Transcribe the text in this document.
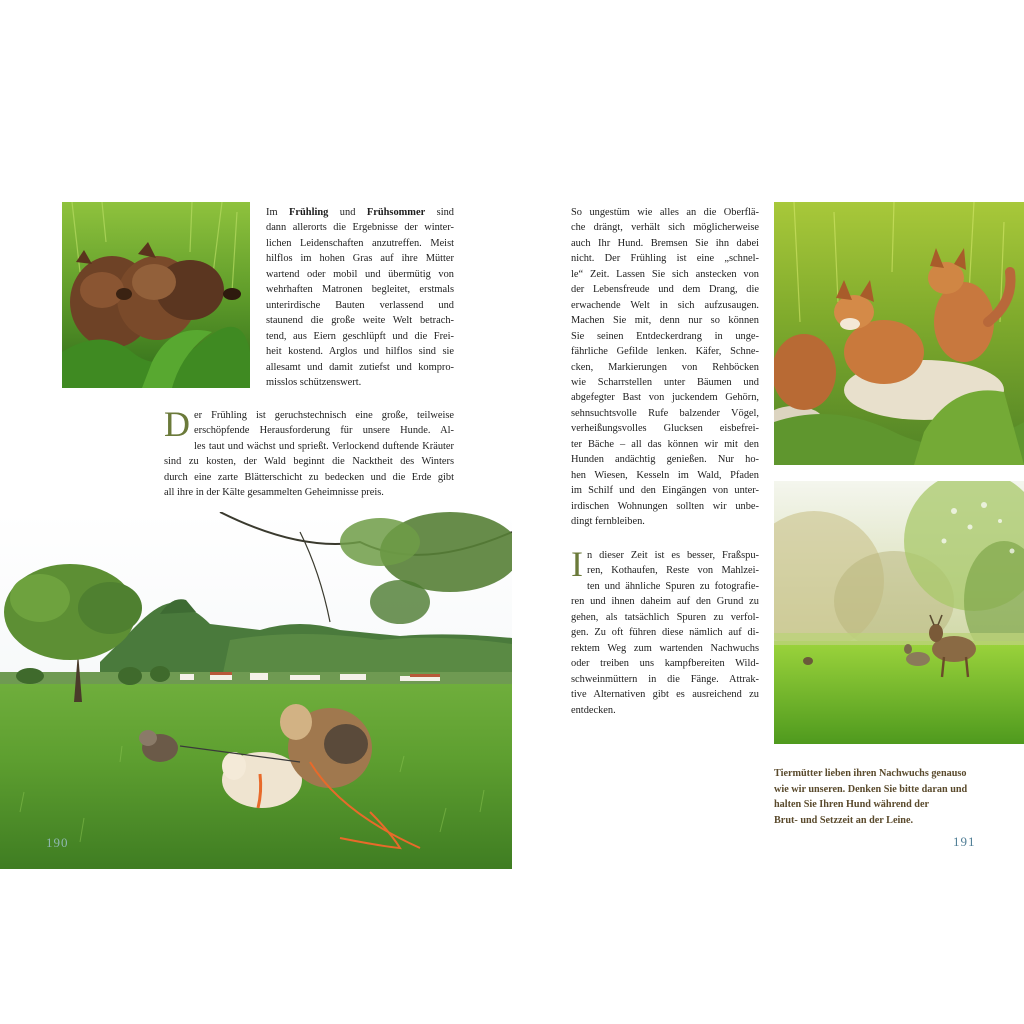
Im Frühling und Frühsommer sind
dann allerorts die Ergebnisse der winter-
lichen Leidenschaften anzutreffen. Meist
hilflos im hohen Gras auf ihre Mütter
wartend oder mobil und übermütig von
wehrhaften Matronen begleitet, erstmals
unterirdische Bauten verlassend und
staunend die große weite Welt betrach-
tend, aus Eiern geschlüpft und die Frei-
heit kostend. Arglos und hilflos sind sie
allesamt und damit zutiefst und kompro-
misslos schützenswert.
D er Frühling ist geruchstechnisch eine große, teilweise
erschöpfende Herausforderung für unsere Hunde. Al-
les taut und wächst und sprießt. Verlockend duftende Kräuter
sind zu kosten, der Wald beginnt die Nacktheit des Winters
durch eine zarte Blätterschicht zu bedecken und die Erde gibt
all ihre in der Kälte gesammelten Geheimnisse preis.
190
So ungestüm wie alles an die Oberflä-
che drängt, verhält sich möglicherweise
auch Ihr Hund. Bremsen Sie ihn dabei
nicht. Der Frühling ist eine „schnel-
le“ Zeit. Lassen Sie sich anstecken von
der Lebensfreude und dem Drang, die
erwachende Welt in sich aufzusaugen.
Machen Sie mit, denn nur so können
Sie seinen Entdeckerdrang in unge-
fährliche Gefilde lenken. Käfer, Schne-
cken, Markierungen von Rehböcken
wie Scharrstellen unter Bäumen und
abgefegter Bast von juckendem Gehörn,
sehnsuchtsvolle Rufe balzender Vögel,
verheißungsvolles Glucksen eisbefrei-
ter Bäche – all das können wir mit den
Hunden andächtig genießen. Nur ho-
hen Wiesen, Kesseln im Wald, Pfaden
im Schilf und den Eingängen von unter-
irdischen Wohnungen sollten wir unbe-
dingt fernbleiben.
I n dieser Zeit ist es besser, Fraßspu-
ren, Kothaufen, Reste von Mahlzei-
ten und ähnliche Spuren zu fotografie-
ren und ihnen daheim auf den Grund zu
gehen, als tatsächlich Spuren zu verfol-
gen. Zu oft führen diese nämlich auf di-
rektem Weg zum wartenden Nachwuchs
oder treiben uns kampfbereiten Wild-
schweinmüttern in die Fänge. Attrak-
tive Alternativen gibt es ausreichend zu
entdecken.
Tiermütter lieben ihren Nachwuchs genauso
wie wir unseren. Denken Sie bitte daran und
halten Sie Ihren Hund während der
Brut- und Setzzeit an der Leine.
191
